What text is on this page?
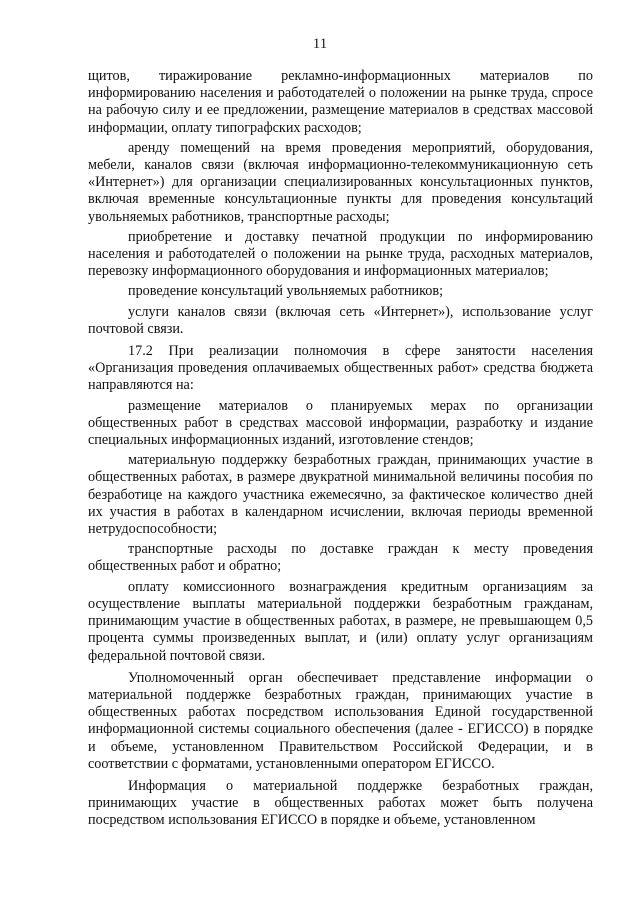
11

щитов, тиражирование рекламно-информационных материалов по информированию населения и работодателей о положении на рынке труда, спросе на рабочую силу и ее предложении, размещение материалов в средствах массовой информации, оплату типографских расходов;

аренду помещений на время проведения мероприятий, оборудования, мебели, каналов связи (включая информационно-телекоммуникационную сеть «Интернет») для организации специализированных консультационных пунктов, включая временные консультационные пункты для проведения консультаций увольняемых работников, транспортные расходы;

приобретение и доставку печатной продукции по информированию населения и работодателей о положении на рынке труда, расходных материалов, перевозку информационного оборудования и информационных материалов;

проведение консультаций увольняемых работников;

услуги каналов связи (включая сеть «Интернет»), использование услуг почтовой связи.

17.2 При реализации полномочия в сфере занятости населения «Организация проведения оплачиваемых общественных работ» средства бюджета направляются на:

размещение материалов о планируемых мерах по организации общественных работ в средствах массовой информации, разработку и издание специальных информационных изданий, изготовление стендов;

материальную поддержку безработных граждан, принимающих участие в общественных работах, в размере двукратной минимальной величины пособия по безработице на каждого участника ежемесячно, за фактическое количество дней их участия в работах в календарном исчислении, включая периоды временной нетрудоспособности;

транспортные расходы по доставке граждан к месту проведения общественных работ и обратно;

оплату комиссионного вознаграждения кредитным организациям за осуществление выплаты материальной поддержки безработным гражданам, принимающим участие в общественных работах, в размере, не превышающем 0,5 процента суммы произведенных выплат, и (или) оплату услуг организациям федеральной почтовой связи.

Уполномоченный орган обеспечивает представление информации о материальной поддержке безработных граждан, принимающих участие в общественных работах посредством использования Единой государственной информационной системы социального обеспечения (далее - ЕГИССО) в порядке и объеме, установленном Правительством Российской Федерации, и в соответствии с форматами, установленными оператором ЕГИССО.

Информация о материальной поддержке безработных граждан, принимающих участие в общественных работах может быть получена посредством использования ЕГИССО в порядке и объеме, установленном
